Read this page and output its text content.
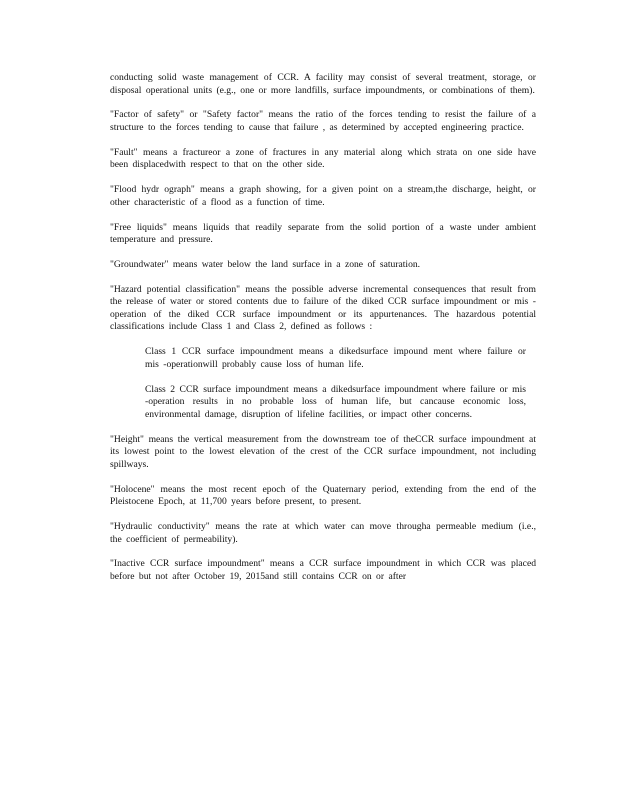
conducting solid waste management of CCR. A facility may consist of several treatment, storage, or disposal operational units (e.g., one or more landfills, surface impoundments, or combinations of them).

"Factor of safety" or "Safety factor" means the ratio of the forces tending to resist the failure of a structure to the forces tending to cause that failure , as determined by accepted engineering practice.

"Fault" means a fractureor a zone of fractures in any material along which strata on one side have been displacedwith respect to that on the other side.

"Flood hydr ograph" means a graph showing, for a given point on a stream,the discharge, height, or other characteristic of a flood as a function of time.

"Free liquids" means liquids that readily separate from the solid portion of a waste under ambient temperature and pressure.

"Groundwater" means water below the land surface in a zone of saturation.

"Hazard potential classification" means the possible adverse incremental consequences that result from the release of water or stored contents due to failure of the diked CCR surface impoundment or mis -operation of the diked CCR surface impoundment or its appurtenances. The hazardous potential classifications include Class 1 and Class 2, defined as follows :

Class 1 CCR surface impoundment means a dikedsurface impound ment where failure or mis -operationwill probably cause loss of human life.

Class 2 CCR surface impoundment means a dikedsurface impoundment where failure or mis -operation results in no probable loss of human life, but cancause economic loss, environmental damage, disruption of lifeline facilities, or impact other concerns.

"Height" means the vertical measurement from the downstream toe of theCCR surface impoundment at its lowest point to the lowest elevation of the crest of the CCR surface impoundment, not including spillways.

"Holocene" means the most recent epoch of the Quaternary period, extending from the end of the Pleistocene Epoch, at 11,700 years before present, to present.

"Hydraulic conductivity" means the rate at which water can move througha permeable medium (i.e., the coefficient of permeability).

"Inactive CCR surface impoundment" means a CCR surface impoundment in which CCR was placed before but not after October 19, 2015and still contains CCR on or after
